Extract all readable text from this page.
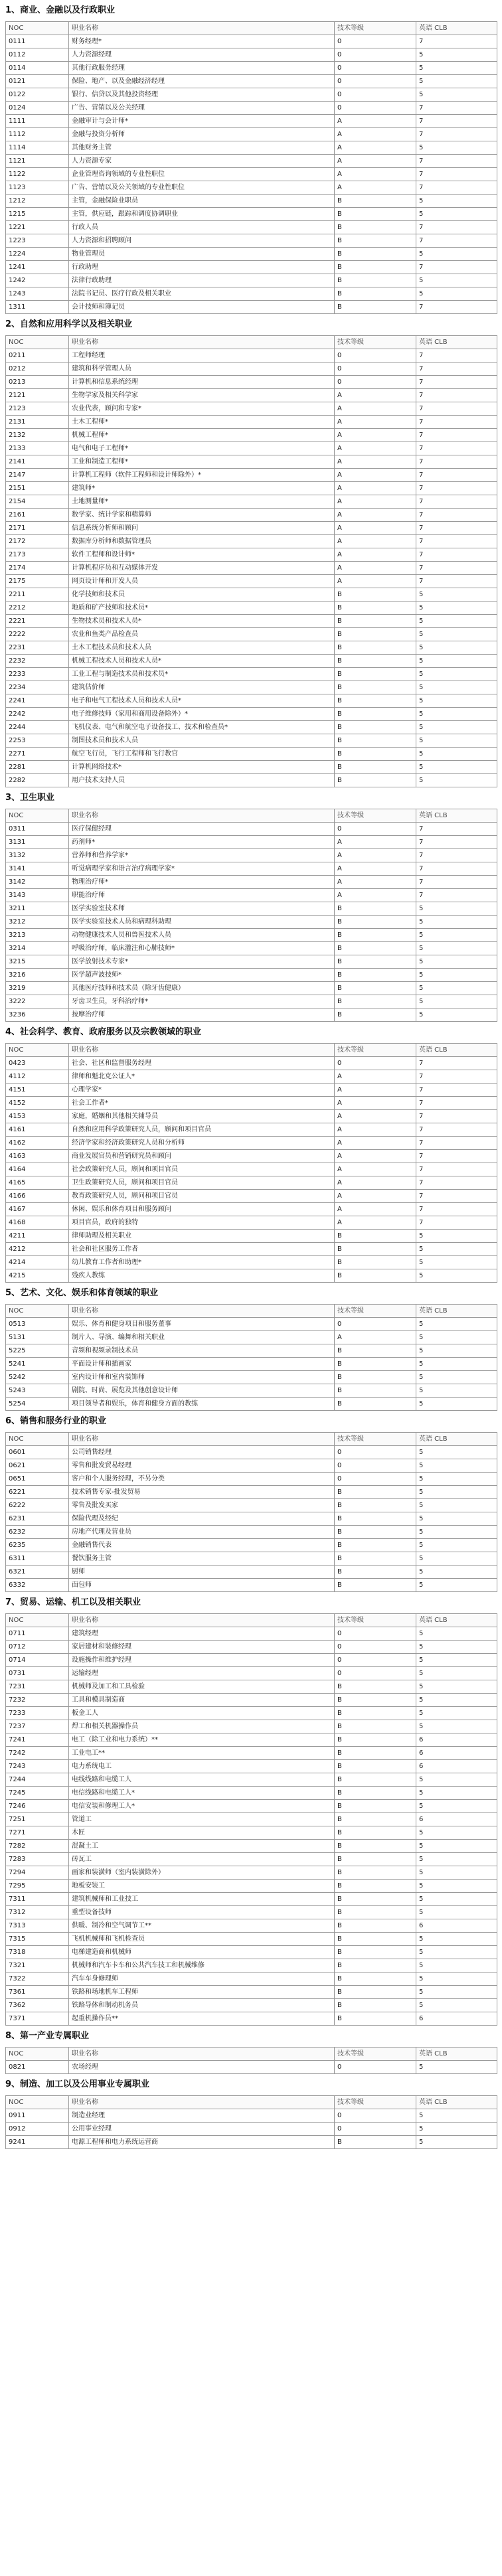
1、商业、金融以及行政职业
NOC	职业名称	技术等级	英语 CLB
0111	财务经理*	0	7
0112	人力资源经理	0	5
0114	其他行政服务经理	0	5
0121	保险、地产、以及金融经济经理	0	5
0122	银行、信贷以及其他投资经理	0	5
0124	广告、营销以及公关经理	0	7
1111	金融审计与会计师*	A	7
1112	金融与投资分析师	A	7
1114	其他财务主管	A	5
1121	人力资源专家	A	7
1122	企业管理咨询领域的专业性职位	A	7
1123	广告、营销以及公关领域的专业性职位	A	7
1212	主管，金融保险业职员	B	5
1215	主管，供应链，跟踪和调度协调职业	B	5
1221	行政人员	B	7
1223	人力资源和招聘顾问	B	7
1224	物业管理员	B	5
1241	行政助理	B	7
1242	法律行政助理	B	5
1243	法院书记员、医疗行政及相关职业	B	5
1311	会计技师和簿记员	B	7
2、自然和应用科学以及相关职业
NOC	职业名称	技术等级	英语 CLB
0211	工程师经理	0	7
0212	建筑和科学管理人员	0	7
0213	计算机和信息系统经理	0	7
2121	生物学家及相关科学家	A	7
2123	农业代表，顾问和专家*	A	7
2131	土木工程师*	A	7
2132	机械工程师*	A	7
2133	电气和电子工程师*	A	7
2141	工业和制造工程师*	A	7
2147	计算机工程师（软件工程师和设计师除外）*	A	7
2151	建筑师*	A	7
2154	土地测量师*	A	7
2161	数学家、统计学家和精算师	A	7
2171	信息系统分析师和顾问	A	7
2172	数据库分析师和数据管理员	A	7
2173	软件工程师和设计师*	A	7
2174	计算机程序员和互动媒体开发	A	7
2175	网页设计师和开发人员	A	7
2211	化学技师和技术员	B	5
2212	地质和矿产技师和技术员*	B	5
2221	生物技术员和技术人员*	B	5
2222	农业和鱼类产品检查员	B	5
2231	土木工程技术员和技术人员	B	5
2232	机械工程技术人员和技术人员*	B	5
2233	工业工程与制造技术员和技术员*	B	5
2234	建筑估价师	B	5
2241	电子和电气工程技术人员和技术人员*	B	5
2242	电子维修技师（家用和商用设备除外）*	B	5
2244	飞机仪表、电气和航空电子设备技工、技术和检查员*	B	5
2253	制图技术员和技术人员	B	5
2271	航空飞行员，飞行工程师和飞行教官	B	5
2281	计算机网络技术*	B	5
2282	用户技术支持人员	B	5
3、卫生职业
NOC	职业名称	技术等级	英语 CLB
0311	医疗保健经理	0	7
3131	药剂师*	A	7
3132	营养师和营养学家*	A	7
3141	听觉病理学家和语言治疗病理学家*	A	7
3142	物理治疗师*	A	7
3143	职能治疗师	A	7
3211	医学实验室技术师	B	5
3212	医学实验室技术人员和病理科助理	B	5
3213	动物健康技术人员和兽医技术人员	B	5
3214	呼吸治疗师，临床灌注和心肺技师*	B	5
3215	医学放射技术专家*	B	5
3216	医学超声波技师*	B	5
3219	其他医疗技师和技术员（除牙齿健康）	B	5
3222	牙齿卫生员，牙科治疗师*	B	5
3236	按摩治疗师	B	5
4、社会科学、教育、政府服务以及宗教领域的职业
NOC	职业名称	技术等级	英语 CLB
0423	社会、社区和监督服务经理	0	7
4112	律师和魁北克公证人*	A	7
4151	心理学家*	A	7
4152	社会工作者*	A	7
4153	家庭，婚姻和其他相关辅导员	A	7
4161	自然和应用科学政策研究人员，顾问和项目官员	A	7
4162	经济学家和经济政策研究人员和分析师	A	7
4163	商业发展官员和营销研究员和顾问	A	7
4164	社会政策研究人员，顾问和项目官员	A	7
4165	卫生政策研究人员，顾问和项目官员	A	7
4166	教育政策研究人员，顾问和项目官员	A	7
4167	休闲、娱乐和体育项目和服务顾问	A	7
4168	项目官员，政府的独特	A	7
4211	律师助理及相关职业	B	5
4212	社会和社区服务工作者	B	5
4214	幼儿教育工作者和助理*	B	5
4215	残疾人教练	B	5
5、艺术、文化、娱乐和体育领域的职业
NOC	职业名称	技术等级	英语 CLB
0513	娱乐、体育和健身项目和服务董事	0	5
5131	制片人、导演、编舞和相关职业	A	5
5225	音频和视频录制技术员	B	5
5241	平面设计师和插画家	B	5
5242	室内设计师和室内装饰师	B	5
5243	剧院、时尚、展览及其他创意设计师	B	5
5254	项目领导者和娱乐，体育和健身方面的教练	B	5
6、销售和服务行业的职业
NOC	职业名称	技术等级	英语 CLB
0601	公司销售经理	0	5
0621	零售和批发贸易经理	0	5
0651	客户和个人服务经理，不另分类	0	5
6221	技术销售专家-批发贸易	B	5
6222	零售及批发买家	B	5
6231	保险代理及经纪	B	5
6232	房地产代理及营业员	B	5
6235	金融销售代表	B	5
6311	餐饮服务主管	B	5
6321	厨师	B	5
6332	面包师	B	5
7、贸易、运输、机工以及相关职业
NOC	职业名称	技术等级	英语 CLB
0711	建筑经理	0	5
0712	家居建材和装修经理	0	5
0714	设施操作和维护经理	0	5
0731	运输经理	0	5
7231	机械师及加工和工具检验	B	5
7232	工具和模具制造商	B	5
7233	板金工人	B	5
7237	焊工和相关机器操作员	B	5
7241	电工（除工业和电力系统）**	B	6
7242	工业电工**	B	6
7243	电力系统电工	B	6
7244	电线线路和电缆工人	B	5
7245	电信线路和电缆工人*	B	5
7246	电信安装和修理工人*	B	5
7251	管道工	B	6
7271	木匠	B	5
7282	混凝土工	B	5
7283	砖瓦工	B	5
7294	画家和装潢师（室内装潢除外）	B	5
7295	地板安装工	B	5
7311	建筑机械师和工业技工	B	5
7312	重型设备技师	B	5
7313	供暖、制冷和空气调节工**	B	6
7315	飞机机械师和飞机检查员	B	5
7318	电梯建造商和机械师	B	5
7321	机械师和汽车卡车和公共汽车技工和机械维修	B	5
7322	汽车车身修理师	B	5
7361	铁路和场地机车工程师	B	5
7362	铁路导体和制动机务员	B	5
7371	起重机操作员**	B	6
8、第一产业专属职业
NOC	职业名称	技术等级	英语 CLB
0821	农场经理	0	5
9、制造、加工以及公用事业专属职业
NOC	职业名称	技术等级	英语 CLB
0911	制造业经理	0	5
0912	公用事业经理	0	5
9241	电源工程师和电力系统运营商	B	5
